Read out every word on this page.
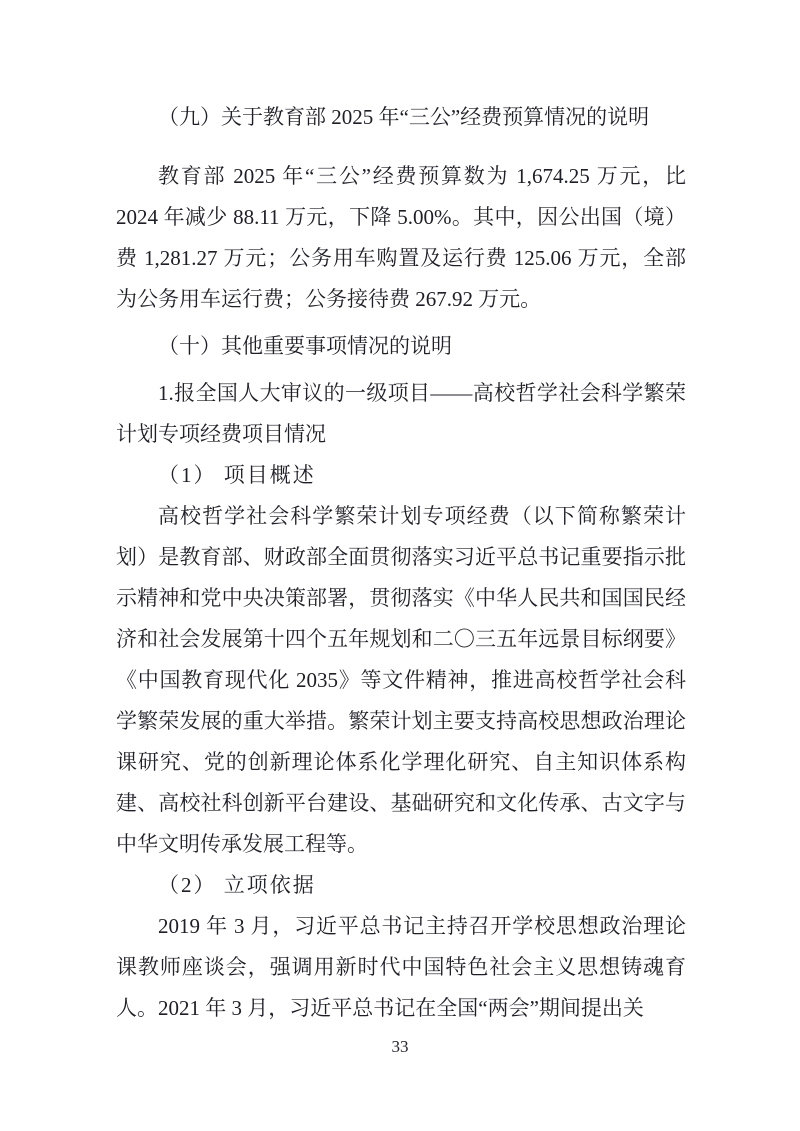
（九）关于教育部 2025 年“三公”经费预算情况的说明

教育部 2025 年“三公”经费预算数为 1,674.25 万元，比 2024 年减少 88.11 万元，下降 5.00%。其中，因公出国（境）费 1,281.27 万元；公务用车购置及运行费 125.06 万元，全部为公务用车运行费；公务接待费 267.92 万元。

（十）其他重要事项情况的说明
1.报全国人大审议的一级项目——高校哲学社会科学繁荣计划专项经费项目情况

（1） 项目概述

高校哲学社会科学繁荣计划专项经费（以下简称繁荣计划）是教育部、财政部全面贯彻落实习近平总书记重要指示批示精神和党中央决策部署，贯彻落实《中华人民共和国国民经济和社会发展第十四个五年规划和二〇三五年远景目标纲要》《中国教育现代化 2035》等文件精神，推进高校哲学社会科学繁荣发展的重大举措。繁荣计划主要支持高校思想政治理论课研究、党的创新理论体系化学理化研究、自主知识体系构建、高校社科创新平台建设、基础研究和文化传承、古文字与中华文明传承发展工程等。

（2） 立项依据

2019 年 3 月，习近平总书记主持召开学校思想政治理论课教师座谈会，强调用新时代中国特色社会主义思想铸魂育人。2021 年 3 月，习近平总书记在全国“两会”期间提出关

33
